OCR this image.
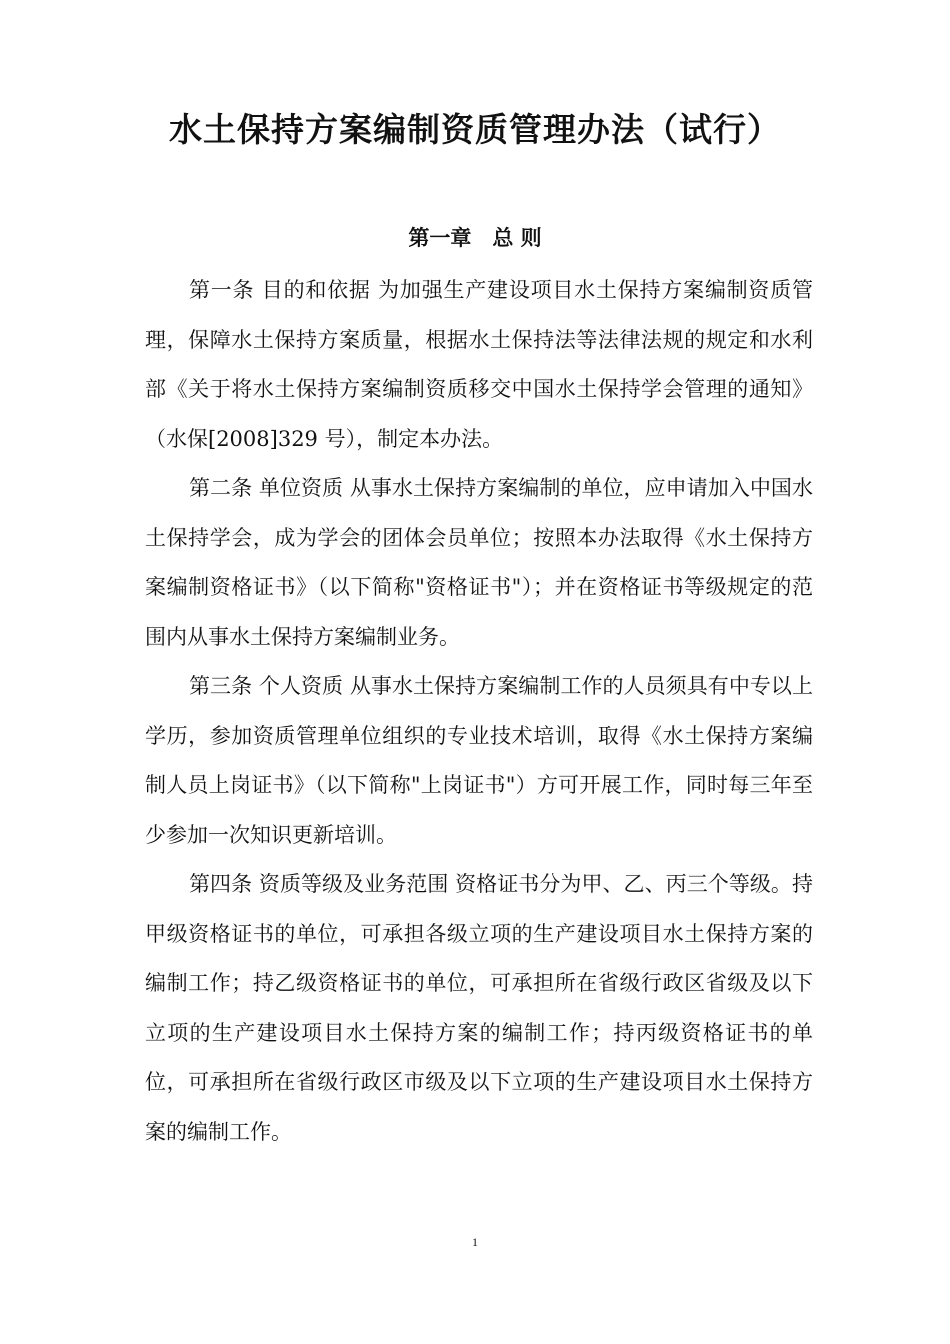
水土保持方案编制资质管理办法（试行）
第一章　总 则

第一条 目的和依据 为加强生产建设项目水土保持方案编制资质管理，保障水土保持方案质量，根据水土保持法等法律法规的规定和水利部《关于将水土保持方案编制资质移交中国水土保持学会管理的通知》（水保[2008]329 号），制定本办法。

第二条 单位资质 从事水土保持方案编制的单位，应申请加入中国水土保持学会，成为学会的团体会员单位；按照本办法取得《水土保持方案编制资格证书》（以下简称"资格证书"）；并在资格证书等级规定的范围内从事水土保持方案编制业务。

第三条 个人资质 从事水土保持方案编制工作的人员须具有中专以上学历，参加资质管理单位组织的专业技术培训，取得《水土保持方案编制人员上岗证书》（以下简称"上岗证书"）方可开展工作，同时每三年至少参加一次知识更新培训。

第四条 资质等级及业务范围 资格证书分为甲、乙、丙三个等级。持甲级资格证书的单位，可承担各级立项的生产建设项目水土保持方案的编制工作；持乙级资格证书的单位，可承担所在省级行政区省级及以下立项的生产建设项目水土保持方案的编制工作；持丙级资格证书的单位，可承担所在省级行政区市级及以下立项的生产建设项目水土保持方案的编制工作。

1
